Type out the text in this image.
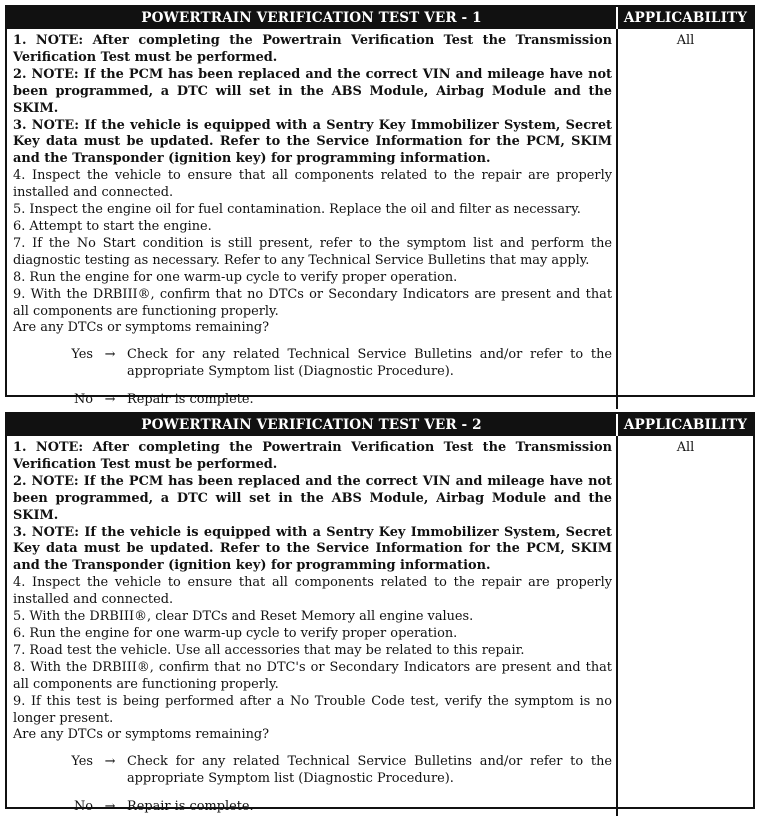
POWERTRAIN VERIFICATION TEST VER - 1	APPLICABILITY
1. NOTE: After completing the Powertrain Verification Test the Transmission Verification Test must be performed.
2. NOTE: If the PCM has been replaced and the correct VIN and mileage have not been programmed, a DTC will set in the ABS Module, Airbag Module and the SKIM.
3. NOTE: If the vehicle is equipped with a Sentry Key Immobilizer System, Secret Key data must be updated. Refer to the Service Information for the PCM, SKIM and the Transponder (ignition key) for programming information.
4. Inspect the vehicle to ensure that all components related to the repair are properly installed and connected.
5. Inspect the engine oil for fuel contamination. Replace the oil and filter as necessary.
6. Attempt to start the engine.
7. If the No Start condition is still present, refer to the symptom list and perform the diagnostic testing as necessary. Refer to any Technical Service Bulletins that may apply.
8. Run the engine for one warm-up cycle to verify proper operation.
9. With the DRBIII®, confirm that no DTCs or Secondary Indicators are present and that all components are functioning properly.
Are any DTCs or symptoms remaining?
Yes → Check for any related Technical Service Bulletins and/or refer to the appropriate Symptom list (Diagnostic Procedure).
No → Repair is complete.
All
POWERTRAIN VERIFICATION TEST VER - 2	APPLICABILITY
1. NOTE: After completing the Powertrain Verification Test the Transmission Verification Test must be performed.
2. NOTE: If the PCM has been replaced and the correct VIN and mileage have not been programmed, a DTC will set in the ABS Module, Airbag Module and the SKIM.
3. NOTE: If the vehicle is equipped with a Sentry Key Immobilizer System, Secret Key data must be updated. Refer to the Service Information for the PCM, SKIM and the Transponder (ignition key) for programming information.
4. Inspect the vehicle to ensure that all components related to the repair are properly installed and connected.
5. With the DRBIII®, clear DTCs and Reset Memory all engine values.
6. Run the engine for one warm-up cycle to verify proper operation.
7. Road test the vehicle. Use all accessories that may be related to this repair.
8. With the DRBIII®, confirm that no DTC's or Secondary Indicators are present and that all components are functioning properly.
9. If this test is being performed after a No Trouble Code test, verify the symptom is no longer present.
Are any DTCs or symptoms remaining?
Yes → Check for any related Technical Service Bulletins and/or refer to the appropriate Symptom list (Diagnostic Procedure).
No → Repair is complete.
All
